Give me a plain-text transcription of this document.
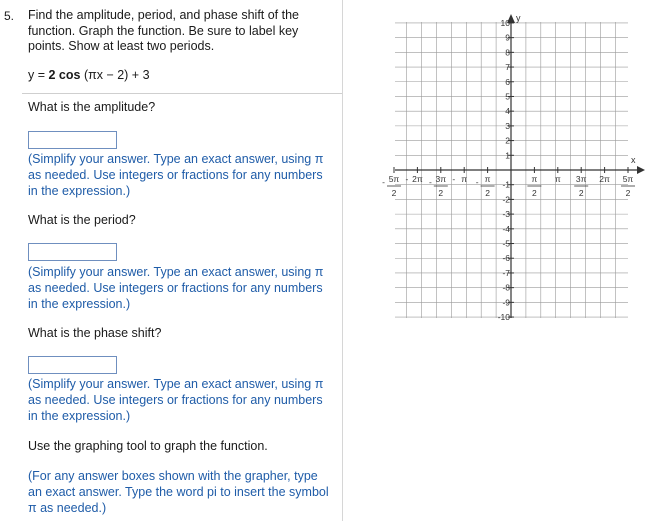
5. Find the amplitude, period, and phase shift of the function. Graph the function. Be sure to label key points. Show at least two periods.
y = 2 cos (πx − 2) + 3
What is the amplitude?
(Simplify your answer. Type an exact answer, using π as needed. Use integers or fractions for any numbers in the expression.)
What is the period?
(Simplify your answer. Type an exact answer, using π as needed. Use integers or fractions for any numbers in the expression.)
What is the phase shift?
(Simplify your answer. Type an exact answer, using π as needed. Use integers or fractions for any numbers in the expression.)
Use the graphing tool to graph the function.
(For any answer boxes shown with the grapher, type an exact answer. Type the word pi to insert the symbol π as needed.)
x
y
1
2
3
4
5
6
7
8
9
10
-1
-2
-3
-4
-5
-6
-7
-8
-9
-10
- 5π
2
- 2π - 3π
2
- π - π
2
π
2
π 3π
2
2π 5π
2
